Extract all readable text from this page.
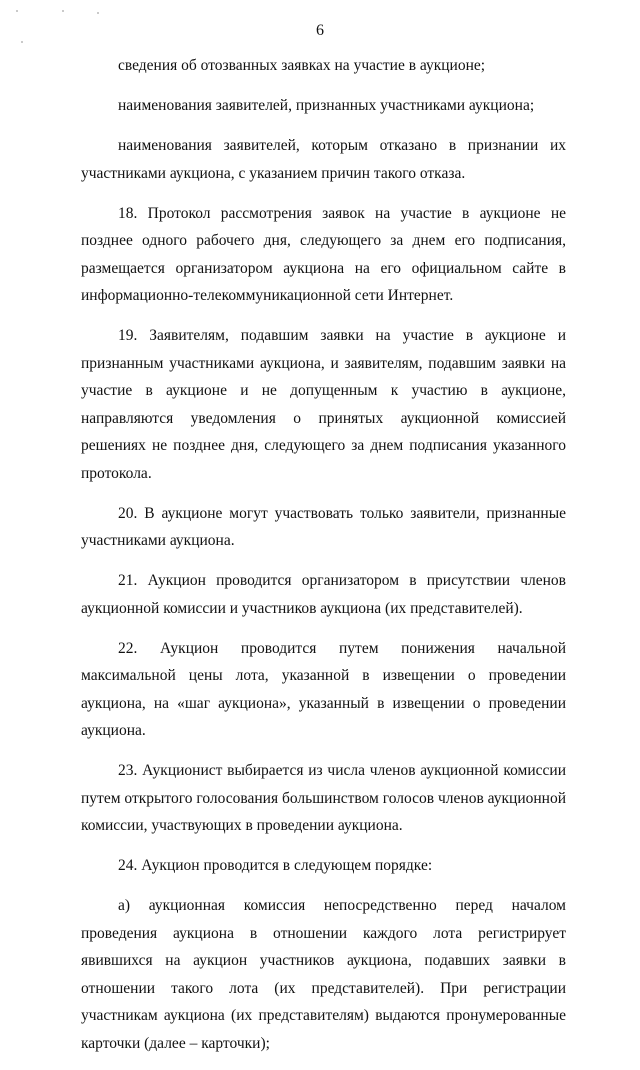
6

сведения об отозванных заявках на участие в аукционе;

наименования заявителей, признанных участниками аукциона;

наименования заявителей, которым отказано в признании их участниками аукциона, с указанием причин такого отказа.

18. Протокол рассмотрения заявок на участие в аукционе не позднее одного рабочего дня, следующего за днем его подписания, размещается организатором аукциона на его официальном сайте в информационно-телекоммуникационной сети Интернет.

19. Заявителям, подавшим заявки на участие в аукционе и признанным участниками аукциона, и заявителям, подавшим заявки на участие в аукционе и не допущенным к участию в аукционе, направляются уведомления о принятых аукционной комиссией решениях не позднее дня, следующего за днем подписания указанного протокола.

20. В аукционе могут участвовать только заявители, признанные участниками аукциона.

21. Аукцион проводится организатором в присутствии членов аукционной комиссии и участников аукциона (их представителей).

22. Аукцион проводится путем понижения начальной максимальной цены лота, указанной в извещении о проведении аукциона, на «шаг аукциона», указанный в извещении о проведении аукциона.

23. Аукционист выбирается из числа членов аукционной комиссии путем открытого голосования большинством голосов членов аукционной комиссии, участвующих в проведении аукциона.

24. Аукцион проводится в следующем порядке:

а) аукционная комиссия непосредственно перед началом проведения аукциона в отношении каждого лота регистрирует явившихся на аукцион участников аукциона, подавших заявки в отношении такого лота (их представителей). При регистрации участникам аукциона (их представителям) выдаются пронумерованные карточки (далее – карточки);
